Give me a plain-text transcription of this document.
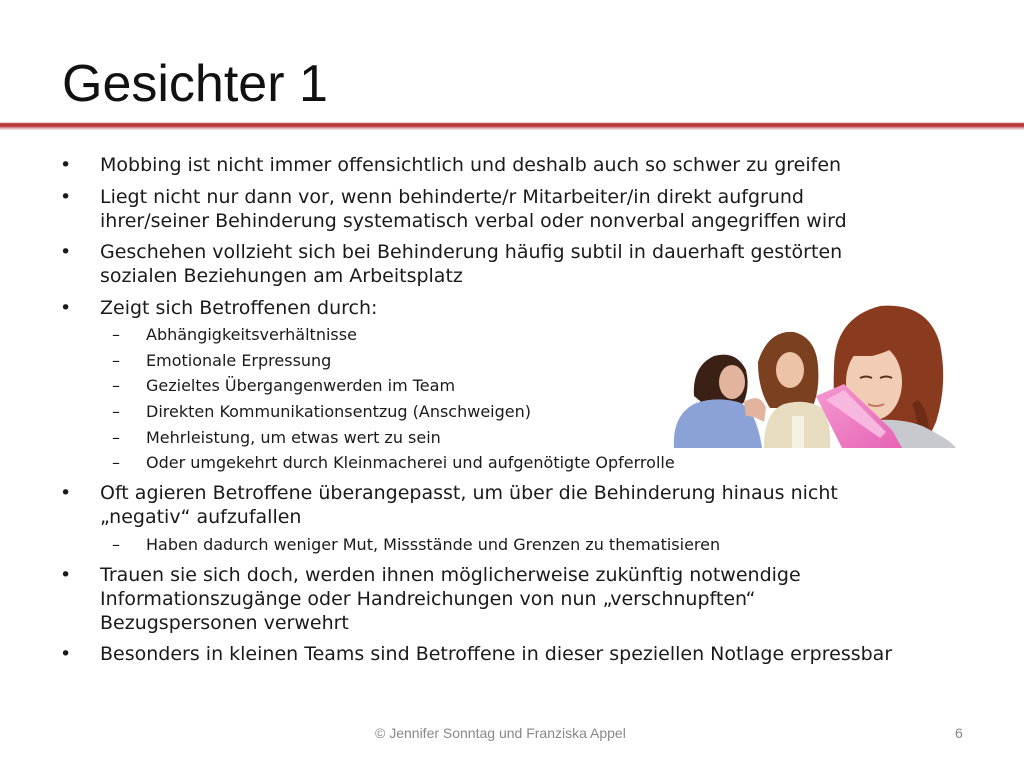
Gesichter 1
• Mobbing ist nicht immer offensichtlich und deshalb auch so schwer zu greifen
• Liegt nicht nur dann vor, wenn behinderte/r Mitarbeiter/in direkt aufgrund
ihrer/seiner Behinderung systematisch verbal oder nonverbal angegriffen wird
• Geschehen vollzieht sich bei Behinderung häufig subtil in dauerhaft gestörten
sozialen Beziehungen am Arbeitsplatz
• Zeigt sich Betroffenen durch:
– Abhängigkeitsverhältnisse
– Emotionale Erpressung
– Gezieltes Übergangenwerden im Team
– Direkten Kommunikationsentzug (Anschweigen)
– Mehrleistung, um etwas wert zu sein
– Oder umgekehrt durch Kleinmacherei und aufgenötigte Opferrolle
• Oft agieren Betroffene überangepasst, um über die Behinderung hinaus nicht
„negativ“ aufzufallen
– Haben dadurch weniger Mut, Missstände und Grenzen zu thematisieren
• Trauen sie sich doch, werden ihnen möglicherweise zukünftig notwendige
Informationszugänge oder Handreichungen von nun „verschnupften“
Bezugspersonen verwehrt
• Besonders in kleinen Teams sind Betroffene in dieser speziellen Notlage erpressbar
© Jennifer Sonntag und Franziska Appel	6
